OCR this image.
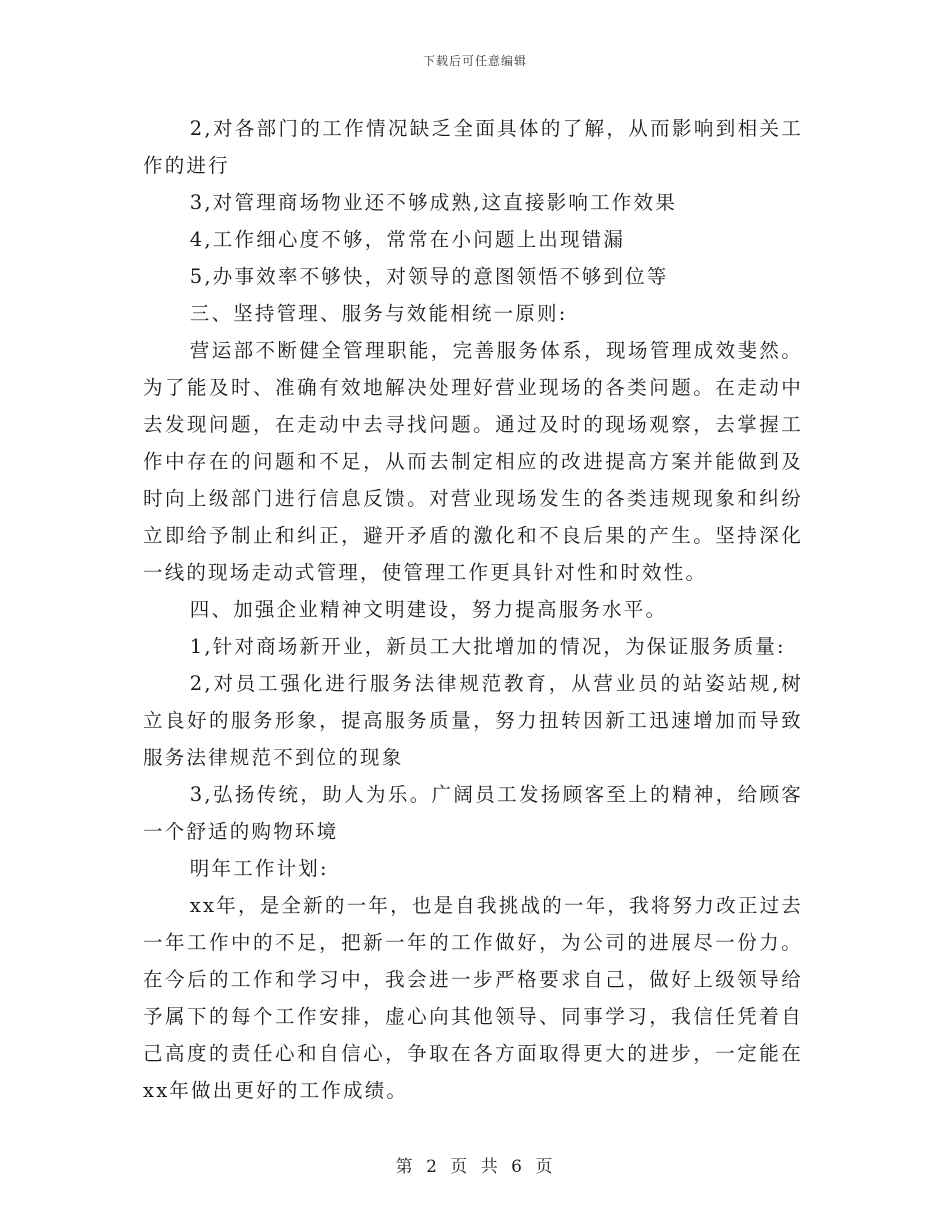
下载后可任意编辑

2,对各部门的工作情况缺乏全面具体的了解，从而影响到相关工作的进行

3,对管理商场物业还不够成熟,这直接影响工作效果

4,工作细心度不够，常常在小问题上出现错漏

5,办事效率不够快，对领导的意图领悟不够到位等

三、坚持管理、服务与效能相统一原则:

营运部不断健全管理职能，完善服务体系，现场管理成效斐然。为了能及时、准确有效地解决处理好营业现场的各类问题。在走动中去发现问题，在走动中去寻找问题。通过及时的现场观察，去掌握工作中存在的问题和不足，从而去制定相应的改进提高方案并能做到及时向上级部门进行信息反馈。对营业现场发生的各类违规现象和纠纷立即给予制止和纠正，避开矛盾的激化和不良后果的产生。坚持深化一线的现场走动式管理，使管理工作更具针对性和时效性。

四、加强企业精神文明建设，努力提高服务水平。

1,针对商场新开业，新员工大批增加的情况，为保证服务质量:

2,对员工强化进行服务法律规范教育，从营业员的站姿站规,树立良好的服务形象，提高服务质量，努力扭转因新工迅速增加而导致服务法律规范不到位的现象

3,弘扬传统，助人为乐。广阔员工发扬顾客至上的精神，给顾客一个舒适的购物环境

明年工作计划:

xx年，是全新的一年，也是自我挑战的一年，我将努力改正过去一年工作中的不足，把新一年的工作做好，为公司的进展尽一份力。在今后的工作和学习中，我会进一步严格要求自己，做好上级领导给予属下的每个工作安排，虚心向其他领导、同事学习，我信任凭着自己高度的责任心和自信心，争取在各方面取得更大的进步，一定能在xx年做出更好的工作成绩。

第 2 页 共 6 页
